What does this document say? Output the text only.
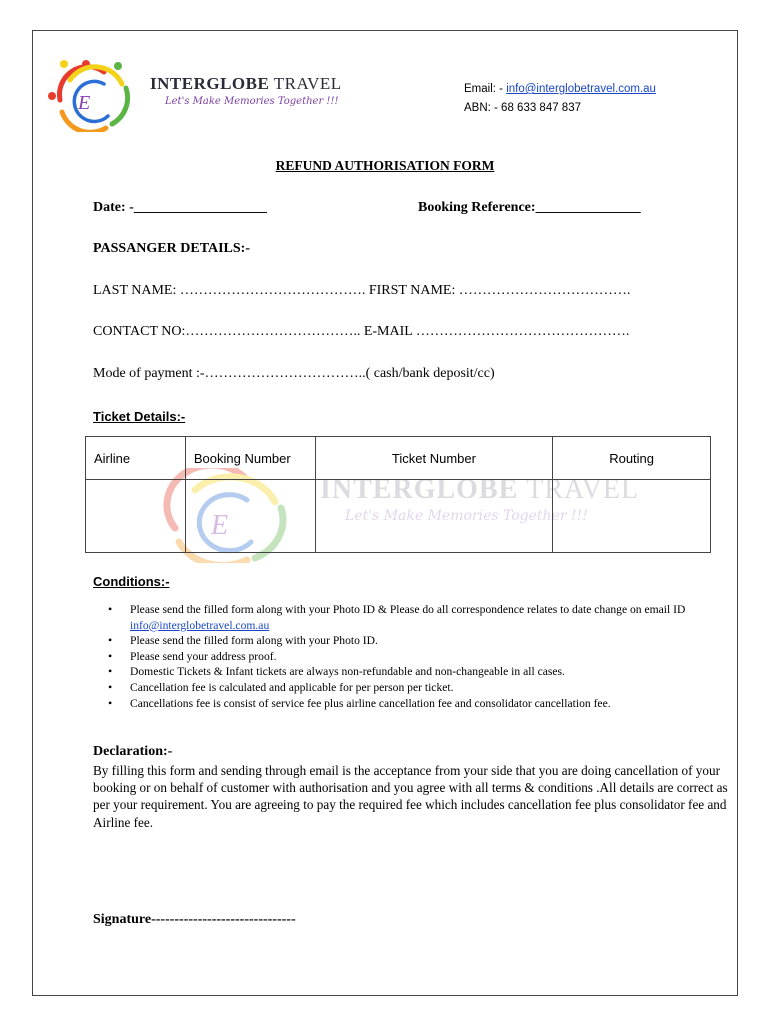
E
INTERGLOBE TRAVEL
Let's Make Memories Together !!!
Email: - info@interglobetravel.com.au
ABN: - 68 633 847 837
REFUND AUTHORISATION FORM
Date: -___________________	Booking Reference:_______________
PASSANGER DETAILS:-
LAST NAME: …………………………………. FIRST NAME: ……………………………….
CONTACT NO:……………………………….. E-MAIL ……………………………………….
Mode of payment :-……………………………..( cash/bank deposit/cc)
Ticket Details:-
E
INTERGLOBE TRAVEL
Let's Make Memories Together !!!
Airline	Booking Number	Ticket Number	Routing

Conditions:-
• Please send the filled form along with your Photo ID & Please do all correspondence relates to date change on email ID info@interglobetravel.com.au
• Please send the filled form along with your Photo ID.
• Please send your address proof.
• Domestic Tickets & Infant tickets are always non-refundable and non-changeable in all cases.
• Cancellation fee is calculated and applicable for per person per ticket.
• Cancellations fee is consist of service fee plus airline cancellation fee and consolidator cancellation fee.
Declaration:-
By filling this form and sending through email is the acceptance from your side that you are doing cancellation of your booking or on behalf of customer with authorisation and you agree with all terms & conditions .All details are correct as per your requirement. You are agreeing to pay the required fee which includes cancellation fee plus consolidator fee and Airline fee.
Signature-------------------------------
